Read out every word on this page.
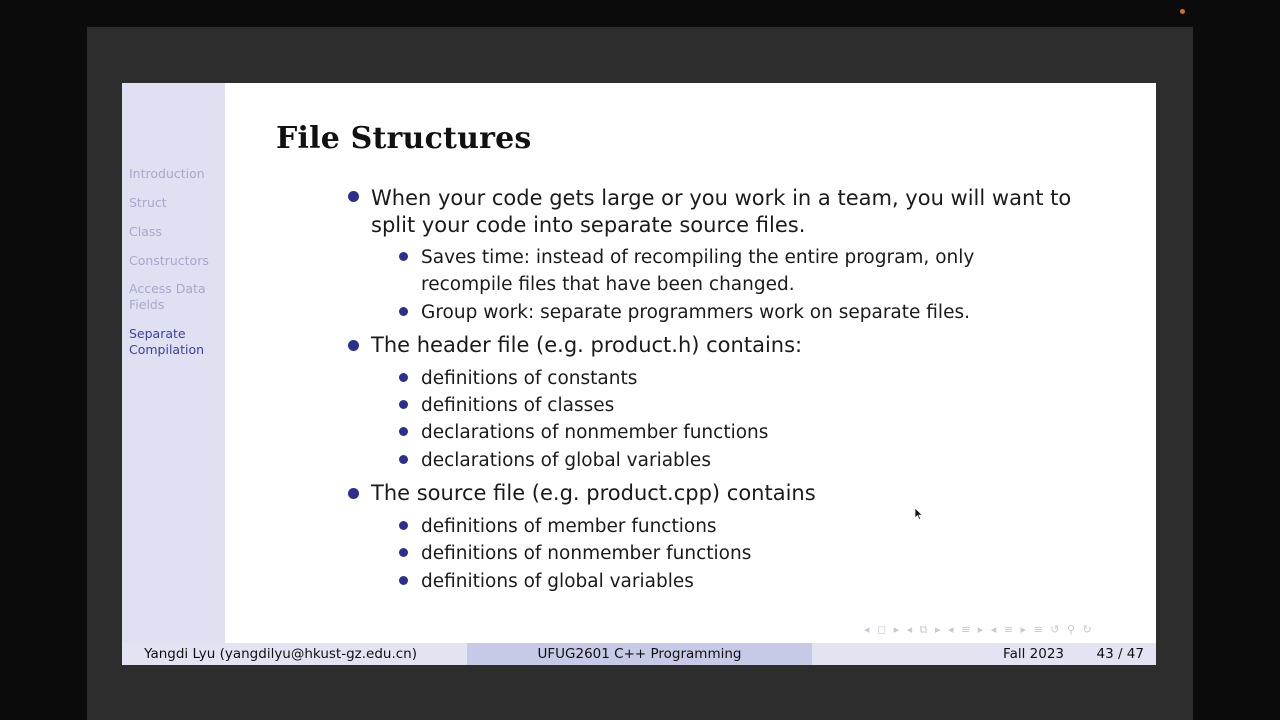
Introduction
Struct
Class
Constructors
Access Data Fields
Separate Compilation
File Structures
When your code gets large or you work in a team, you will want to split your code into separate source files.
Saves time: instead of recompiling the entire program, only recompile files that have been changed.
Group work: separate programmers work on separate files.
The header file (e.g. product.h) contains:
definitions of constants
definitions of classes
declarations of nonmember functions
declarations of global variables
The source file (e.g. product.cpp) contains
definitions of member functions
definitions of nonmember functions
definitions of global variables
◂ ◻ ▸ ◂ ⧉ ▸ ◂ ≡ ▸ ◂ ≡ ▸ ≡ ↺ ⚲ ↻
Yangdi Lyu (yangdilyu@hkust-gz.edu.cn)	UFUG2601 C++ Programming	Fall 2023 43 / 47
